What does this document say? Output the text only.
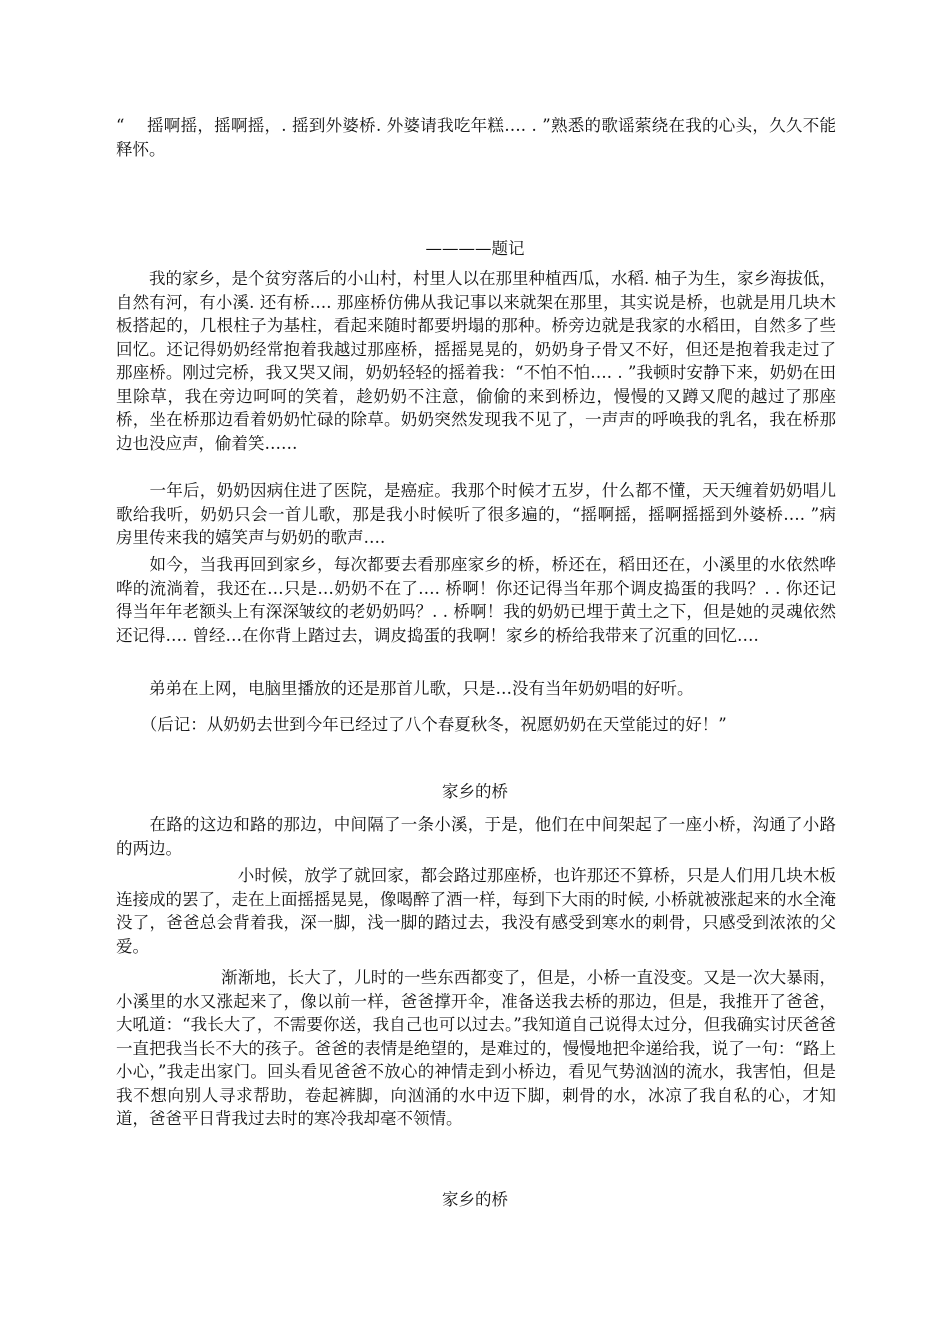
“　 摇啊摇，摇啊摇，. 摇到外婆桥. 外婆请我吃年糕…. . ”熟悉的歌谣萦绕在我的心头，久久不能释怀。

————题记

　　我的家乡，是个贫穷落后的小山村，村里人以在那里种植西瓜，水稻. 柚子为生，家乡海拔低，自然有河，有小溪. 还有桥…. 那座桥仿佛从我记事以来就架在那里，其实说是桥，也就是用几块木板搭起的，几根柱子为基柱，看起来随时都要坍塌的那种。桥旁边就是我家的水稻田，自然多了些回忆。还记得奶奶经常抱着我越过那座桥，摇摇晃晃的，奶奶身子骨又不好，但还是抱着我走过了那座桥。刚过完桥，我又哭又闹，奶奶轻轻的摇着我：“不怕不怕…. . ”我顿时安静下来，奶奶在田里除草，我在旁边呵呵的笑着，趁奶奶不注意，偷偷的来到桥边，慢慢的又蹲又爬的越过了那座桥，坐在桥那边看着奶奶忙碌的除草。奶奶突然发现我不见了，一声声的呼唤我的乳名，我在桥那边也没应声，偷着笑……

　　一年后，奶奶因病住进了医院，是癌症。我那个时候才五岁，什么都不懂，天天缠着奶奶唱儿歌给我听，奶奶只会一首儿歌，那是我小时候听了很多遍的，“摇啊摇，摇啊摇摇到外婆桥…. ”病房里传来我的嬉笑声与奶奶的歌声….

　　如今，当我再回到家乡，每次都要去看那座家乡的桥，桥还在，稻田还在，小溪里的水依然哗哗的流淌着，我还在…只是…奶奶不在了…. 桥啊！你还记得当年那个调皮捣蛋的我吗？. . 你还记得当年年老额头上有深深皱纹的老奶奶吗？. . 桥啊！我的奶奶已埋于黄土之下，但是她的灵魂依然还记得…. 曾经…在你背上踏过去，调皮捣蛋的我啊！家乡的桥给我带来了沉重的回忆….

　　弟弟在上网，电脑里播放的还是那首儿歌，只是…没有当年奶奶唱的好听。

　　（后记：从奶奶去世到今年已经过了八个春夏秋冬，祝愿奶奶在天堂能过的好！”

家乡的桥

　　在路的这边和路的那边，中间隔了一条小溪，于是，他们在中间架起了一座小桥，沟通了小路的两边。

　　　　　　　 小时候，放学了就回家，都会路过那座桥，也许那还不算桥，只是人们用几块木板连接成的罢了，走在上面摇摇晃晃，像喝醉了酒一样，每到下大雨的时候, 小桥就被涨起来的水全淹没了，爸爸总会背着我，深一脚，浅一脚的踏过去，我没有感受到寒水的刺骨，只感受到浓浓的父爱。

　　　　　　 渐渐地，长大了，儿时的一些东西都变了，但是，小桥一直没变。又是一次大暴雨，小溪里的水又涨起来了，像以前一样，爸爸撑开伞，准备送我去桥的那边，但是，我推开了爸爸，大吼道：“我长大了，不需要你送，我自己也可以过去。”我知道自己说得太过分，但我确实讨厌爸爸一直把我当长不大的孩子。爸爸的表情是绝望的，是难过的，慢慢地把伞递给我，说了一句：“路上小心，”我走出家门。回头看见爸爸不放心的神情走到小桥边，看见气势汹汹的流水，我害怕，但是我不想向别人寻求帮助，卷起裤脚，向汹涌的水中迈下脚，刺骨的水，冰凉了我自私的心，才知道，爸爸平日背我过去时的寒冷我却毫不领情。

家乡的桥
